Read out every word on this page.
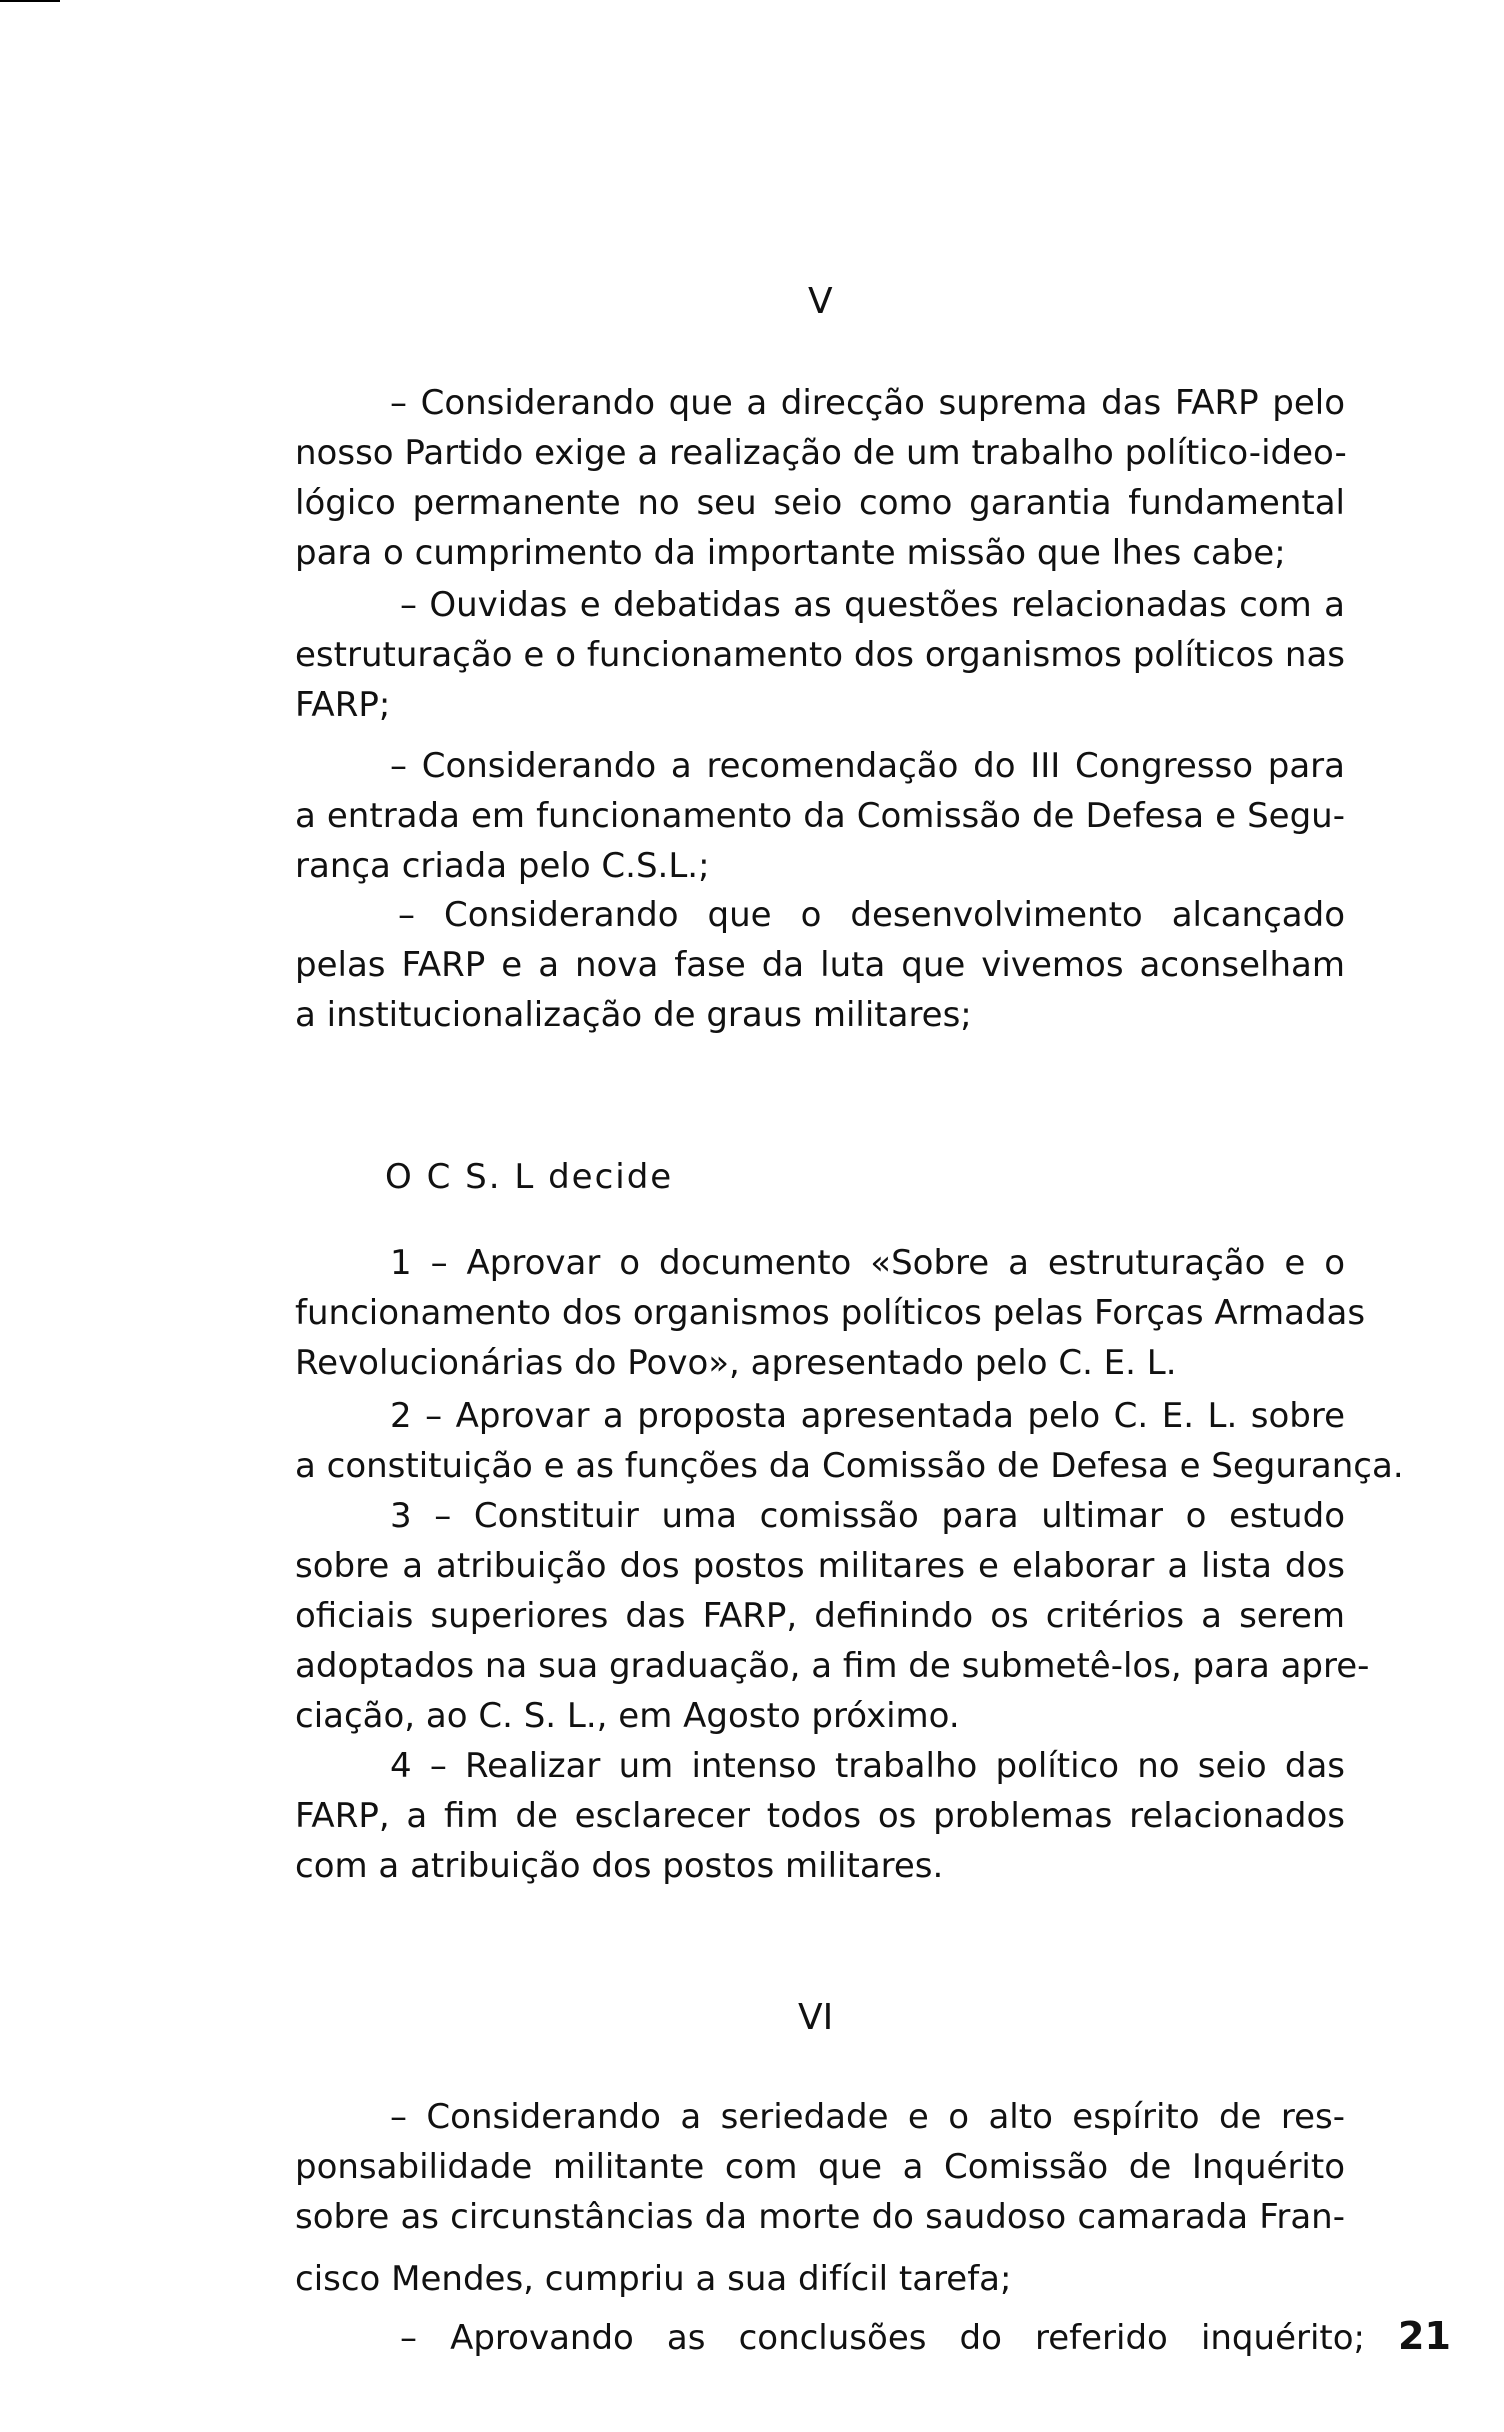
V
– Considerando que a direcção suprema das FARP pelo
nosso Partido exige a realização de um trabalho político-ideo-
lógico permanente no seu seio como garantia fundamental
para o cumprimento da importante missão que lhes cabe;
– Ouvidas e debatidas as questões relacionadas com a
estruturação e o funcionamento dos organismos políticos nas
FARP;
– Considerando a recomendação do III Congresso para
a entrada em funcionamento da Comissão de Defesa e Segu-
rança criada pelo C.S.L.;
– Considerando que o desenvolvimento alcançado
pelas FARP e a nova fase da luta que vivemos aconselham
a institucionalização de graus militares;
O C S. L decide
1 – Aprovar o documento «Sobre a estruturação e o
funcionamento dos organismos políticos pelas Forças Armadas
Revolucionárias do Povo», apresentado pelo C. E. L.
2 – Aprovar a proposta apresentada pelo C. E. L. sobre
a constituição e as funções da Comissão de Defesa e Segurança.
3 – Constituir uma comissão para ultimar o estudo
sobre a atribuição dos postos militares e elaborar a lista dos
oficiais superiores das FARP, definindo os critérios a serem
adoptados na sua graduação, a fim de submetê-los, para apre-
ciação, ao C. S. L., em Agosto próximo.
4 – Realizar um intenso trabalho político no seio das
FARP, a fim de esclarecer todos os problemas relacionados
com a atribuição dos postos militares.
VI
– Considerando a seriedade e o alto espírito de res-
ponsabilidade militante com que a Comissão de Inquérito
sobre as circunstâncias da morte do saudoso camarada Fran-
cisco Mendes, cumpriu a sua difícil tarefa;
– Aprovando as conclusões do referido inquérito; 21
